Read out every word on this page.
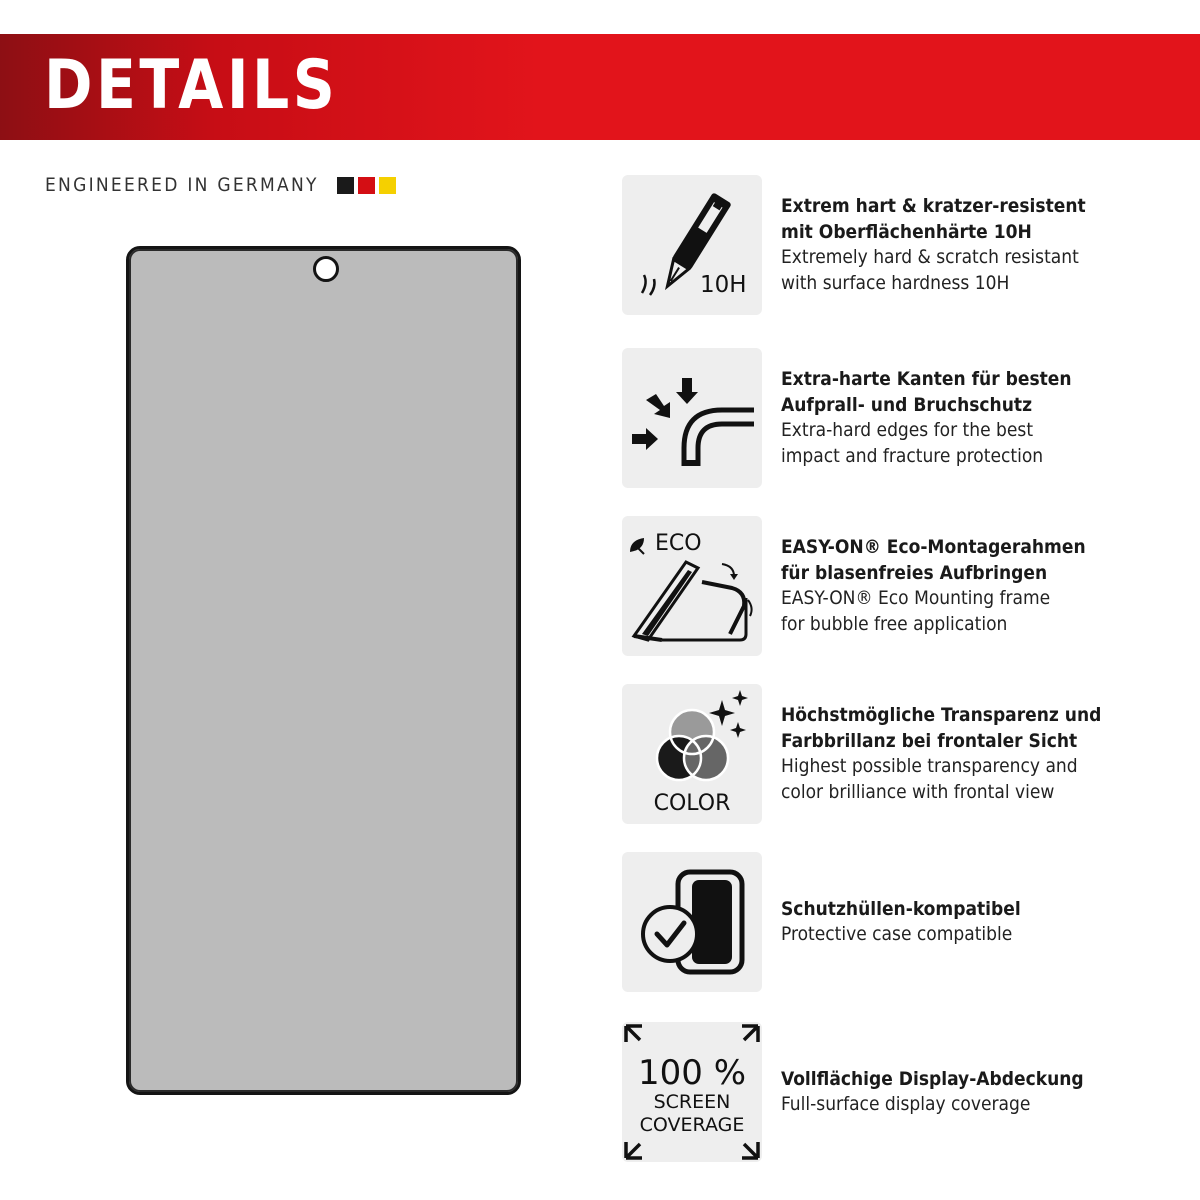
DETAILS
ENGINEERED IN GERMANY
10H
Extrem hart & kratzer-resistent
mit Oberflächenhärte 10H
Extremely hard & scratch resistant
with surface hardness 10H
Extra-harte Kanten für besten
Aufprall- und Bruchschutz
Extra-hard edges for the best
impact and fracture protection
ECO	EASY-ON® Eco-Montagerahmen
für blasenfreies Aufbringen
EASY-ON® Eco Mounting frame
for bubble free application
COLOR
Höchstmögliche Transparenz und
Farbbrillanz bei frontaler Sicht
Highest possible transparency and
color brilliance with frontal view
Schutzhüllen-kompatibel
Protective case compatible
100 %
SCREEN
COVERAGE
Vollflächige Display-Abdeckung
Full-surface display coverage
